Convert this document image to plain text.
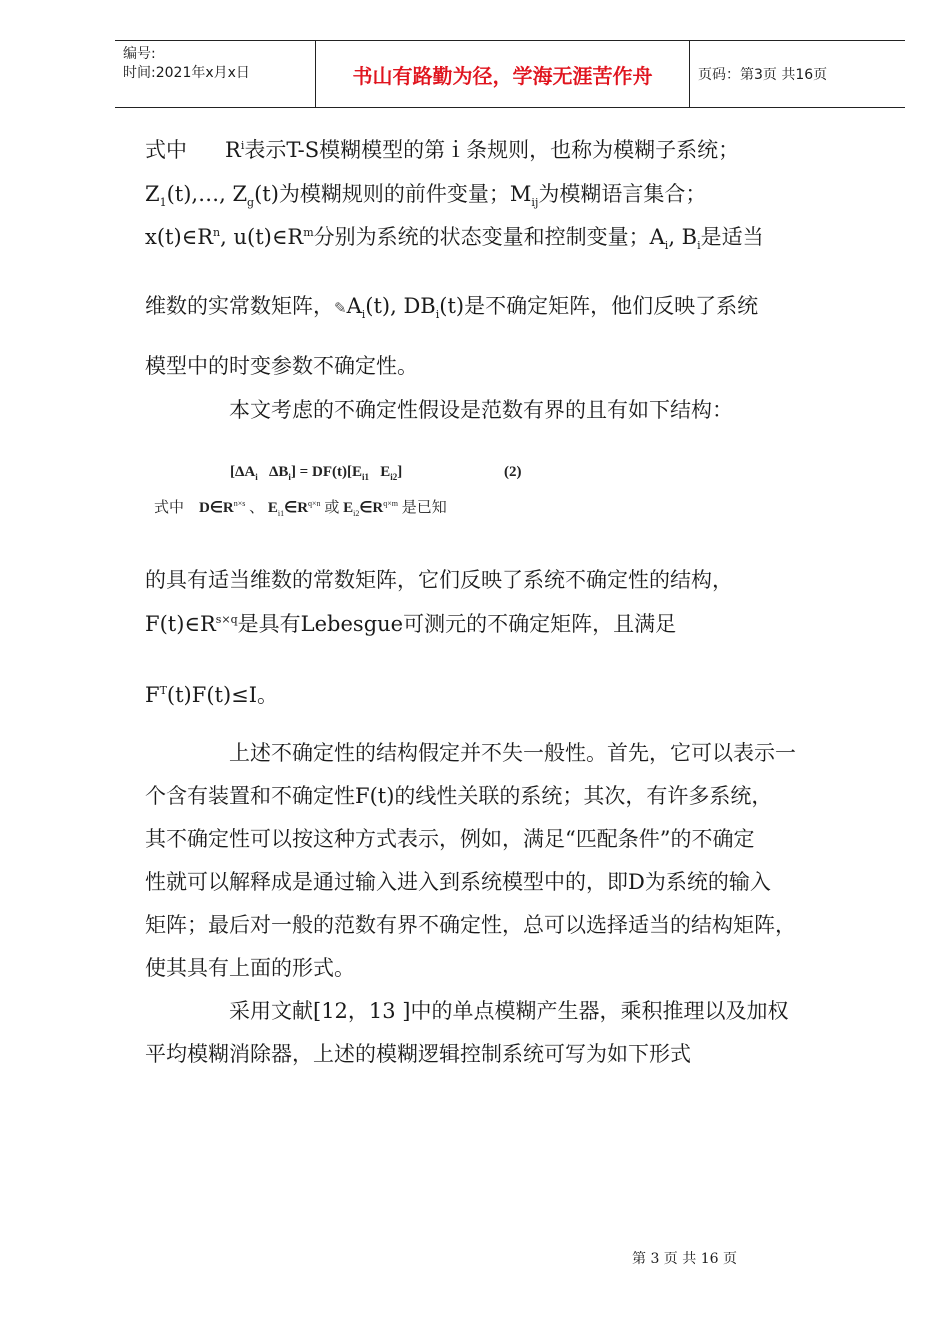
编号:
时间:2021年x月x日	书山有路勤为径，学海无涯苦作舟	页码：第3页 共16页
式中 $R^i$表示T-S模糊模型的第ｉ条规则，也称为模糊子系统；
$Z_1(t),\dots$, $Z_g(t)$为模糊规则的前件变量；$M_{ij}$为模糊语言集合；
$x(t)\in R^n$, $u(t)\in R^m$分别为系统的状态变量和控制变量；$A_i$, $B_i$是适当
维数的实常数矩阵，$✎A_i(t)$, $DB_i(t)$是不确定矩阵，他们反映了系统
模型中的时变参数不确定性。
本文考虑的不确定性假设是范数有界的且有如下结构：
[$\Delta A_i$ $\Delta B_i] = DF(t)[E_{i1}$ $E_{i2}$]	(2)
式中 $D\in R^{n\times s}$ 、 $E_{i1}\in R^{q\times n}$ 或 $E_{i2}\in R^{q\times m}$ 是已知
的具有适当维数的常数矩阵，它们反映了系统不确定性的结构，
$F(t)\in R^{s\times q}$是具有Lebesgue可测元的不确定矩阵，且满足
$F^T(t)F(t)\le I$。
上述不确定性的结构假定并不失一般性。首先，它可以表示一
个含有装置和不确定性F(t)的线性关联的系统；其次，有许多系统，
其不确定性可以按这种方式表示，例如，满足“匹配条件”的不确定
性就可以解释成是通过输入进入到系统模型中的，即D为系统的输入
矩阵；最后对一般的范数有界不确定性，总可以选择适当的结构矩阵，
使其具有上面的形式。
采用文献[12，13 ]中的单点模糊产生器，乘积推理以及加权
平均模糊消除器，上述的模糊逻辑控制系统可写为如下形式
第 3 页 共 16 页
